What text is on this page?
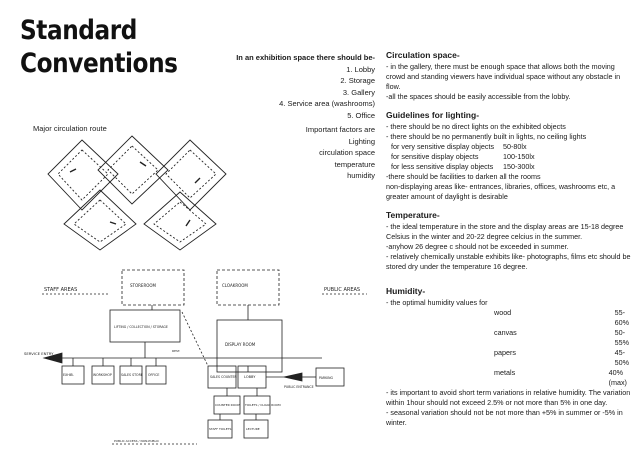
Standard
Conventions
Major circulation route
In an exhibition space there should be-
1. Lobby
2. Storage
3. Gallery
4. Service area (washrooms)
5. Office
Important factors are
Lighting
circulation space
temperature
humidity
STAFF AREAS	PUBLIC AREAS
STOREROOM	CLOAKROOM
LIFTING / COLLECTION / STORAGE
DISPLAY ROOM
SERVICE ENTRY
WORKSHOP	SALES STORE OFFICE
EXHIB.	SALES COUNTER LOBBY
PUBLIC ENTRANCE
PARKING
COUNTER ROOM	TOILETS / CLOAK ROOM
STAFF TOILETS	LECTURE
REST.
PUBLIC ACCESS / NON-PUBLIC
Circulation space-

- in the gallery, there must be enough space that allows both the moving crowd and standing viewers have individual space without any obstacle in flow.

-all the spaces should be easily accessible from the lobby.

Guidelines for lighting-

- there should be no direct lights on the exhibited objects

- there should be no permanently built in lights, no ceiling lights

for very sensitive display objects	50-80lx
for sensitive display objects	100-150lx
for less sensitive display objects	150-300lx

-there should be facilities to darken all the rooms

non-displaying areas like- entrances, libraries, offices, washrooms etc, a greater amount of daylight is desirable

Temperature-

- the ideal temperature in the store and the display areas are 15-18 degree Celsius in the winter and 20-22 degree celcius in the summer.

-anyhow 26 degree c should not be exceeded in summer.

- relatively chemically unstable exhibits like- photographs, films etc should be stored dry under the temperature 16 degree.

Humidity-

- the optimal humidity values for

wood	55-60%
canvas	50-55%
papers	45-50%
metals	40% (max)

- its important to avoid short term variations in relative humidity. The variation within 1hour should not exceed 2.5% or not more than 5% in one day.

- seasonal variation should not be not more than +5% in summer or -5% in winter.
